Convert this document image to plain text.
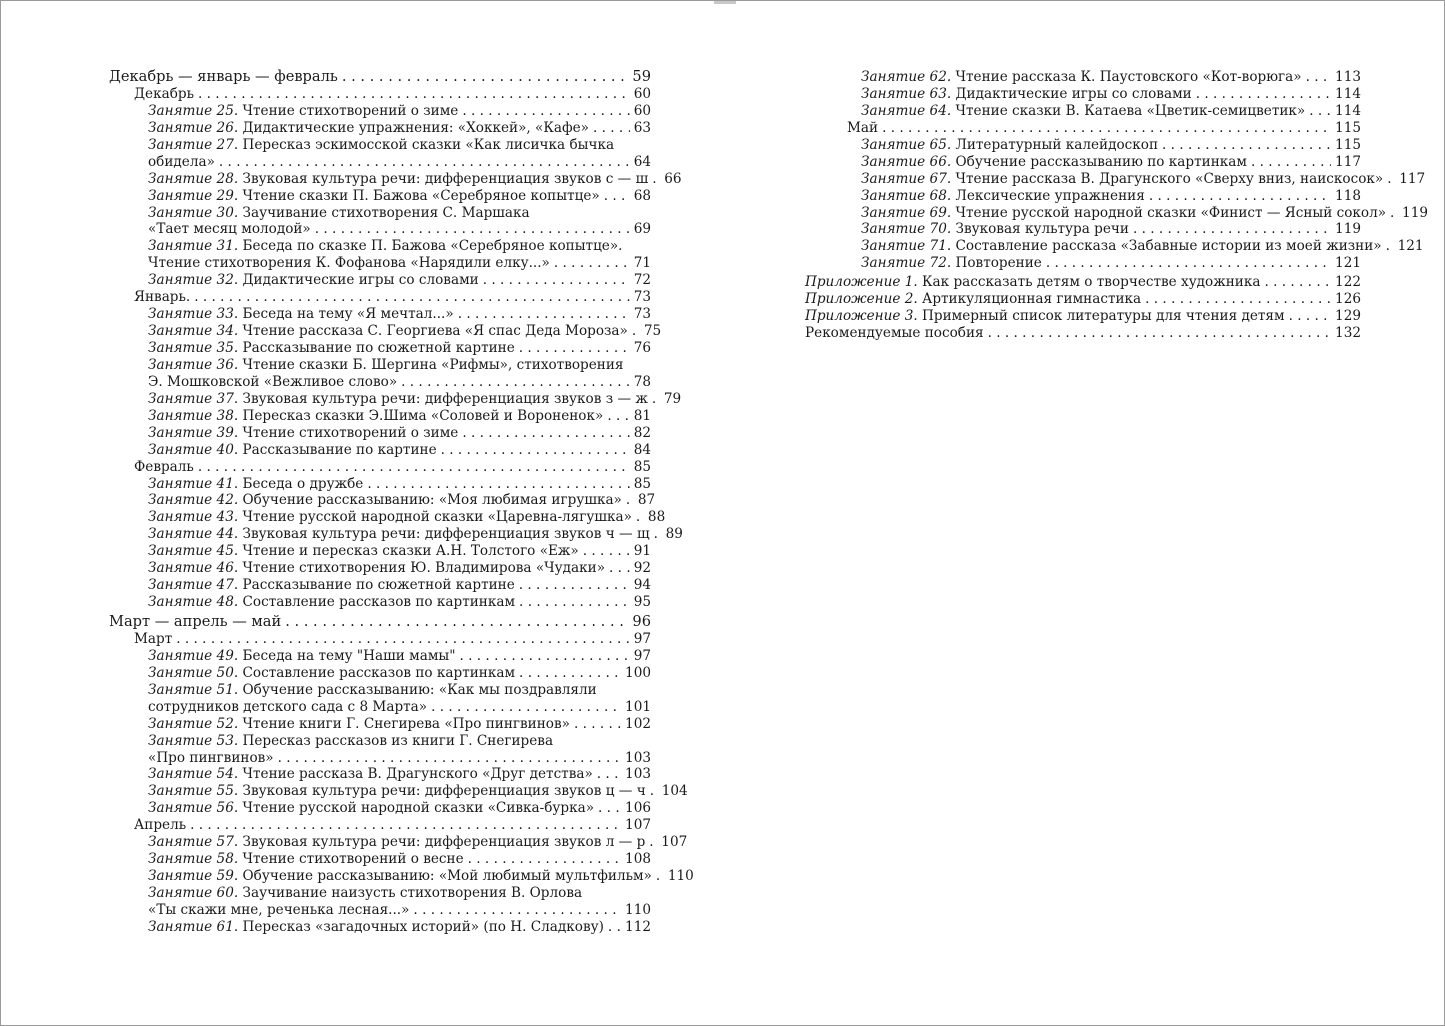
Декабрь — январь — февраль . . .	59
Декабрь . . .	60
Занятие 25. Чтение стихотворений о зиме . . .	60
Занятие 26. Дидактические упражнения: «Хоккей», «Кафе» . . .	63
Занятие 27. Пересказ эскимосской сказки «Как лисичка бычка
обидела» . . .	64
Занятие 28. Звуковая культура речи: дифференциация звуков с — ш . . . 66
Занятие 29. Чтение сказки П. Бажова «Серебряное копытце» . . . 68
Занятие 30. Заучивание стихотворения С. Маршака
«Тает месяц молодой» . . .	69
Занятие 31. Беседа по сказке П. Бажова «Серебряное копытце».
Чтение стихотворения К. Фофанова «Нарядили елку...» . . .	71
Занятие 32. Дидактические игры со словами . . .	72
Январь. . . .	73
Занятие 33. Беседа на тему «Я мечтал...» . . .	73
Занятие 34. Чтение рассказа С. Георгиева «Я спас Деда Мороза» . . . 75
Занятие 35. Рассказывание по сюжетной картине . . .	76
Занятие 36. Чтение сказки Б. Шергина «Рифмы», стихотворения
Э. Мошковской «Вежливое слово» . . .	78
Занятие 37. Звуковая культура речи: дифференциация звуков з — ж . . . 79
Занятие 38. Пересказ сказки Э.Шима «Соловей и Вороненок» . . . 81
Занятие 39. Чтение стихотворений о зиме . . .	82
Занятие 40. Рассказывание по картине . . .	84
Февраль . . .	85
Занятие 41. Беседа о дружбе . . .	85
Занятие 42. Обучение рассказыванию: «Моя любимая игрушка» . . . 87
Занятие 43. Чтение русской народной сказки «Царевна-лягушка» . . . 88
Занятие 44. Звуковая культура речи: дифференциация звуков ч — щ . . . 89
Занятие 45. Чтение и пересказ сказки А.Н. Толстого «Еж» . . .	91
Занятие 46. Чтение стихотворения Ю. Владимирова «Чудаки» . . . 92
Занятие 47. Рассказывание по сюжетной картине . . .	94
Занятие 48. Составление рассказов по картинкам . . .	95
Март — апрель — май . . .	96
Март . . .	97
Занятие 49. Беседа на тему "Наши мамы" . . .	97
Занятие 50. Составление рассказов по картинкам . . .	100
Занятие 51. Обучение рассказыванию: «Как мы поздравляли
сотрудников детского сада с 8 Марта» . . .	101
Занятие 52. Чтение книги Г. Снегирева «Про пингвинов» . . .	102
Занятие 53. Пересказ рассказов из книги Г. Снегирева
«Про пингвинов» . . .	103
Занятие 54. Чтение рассказа В. Драгунского «Друг детства» . . . 103
Занятие 55. Звуковая культура речи: дифференциация звуков ц — ч . . . 104
Занятие 56. Чтение русской народной сказки «Сивка-бурка» . . . 106
Апрель . . .	107
Занятие 57. Звуковая культура речи: дифференциация звуков л — р . . . 107
Занятие 58. Чтение стихотворений о весне . . .	108
Занятие 59. Обучение рассказыванию: «Мой любимый мультфильм» . . . 110
Занятие 60. Заучивание наизусть стихотворения В. Орлова
«Ты скажи мне, реченька лесная...» . . .	110
Занятие 61. Пересказ «загадочных историй» (по Н. Сладкову) . . . 112
Занятие 62. Чтение рассказа К. Паустовского «Кот-ворюга» . . . 113
Занятие 63. Дидактические игры со словами . . .	114
Занятие 64. Чтение сказки В. Катаева «Цветик-семицветик» . . . 114
Май . . .	115
Занятие 65. Литературный калейдоскоп . . .	115
Занятие 66. Обучение рассказыванию по картинкам . . .	117
Занятие 67. Чтение рассказа В. Драгунского «Сверху вниз, наискосок» . . . 117
Занятие 68. Лексические упражнения . . .	118
Занятие 69. Чтение русской народной сказки «Финист — Ясный сокол» . . . 119
Занятие 70. Звуковая культура речи . . .	119
Занятие 71. Составление рассказа «Забавные истории из моей жизни» . . . 121
Занятие 72. Повторение . . .	121
Приложение 1. Как рассказать детям о творчестве художника . . .	122
Приложение 2. Артикуляционная гимнастика . . .	126
Приложение 3. Примерный список литературы для чтения детям . . .	129
Рекомендуемые пособия . . .	132
